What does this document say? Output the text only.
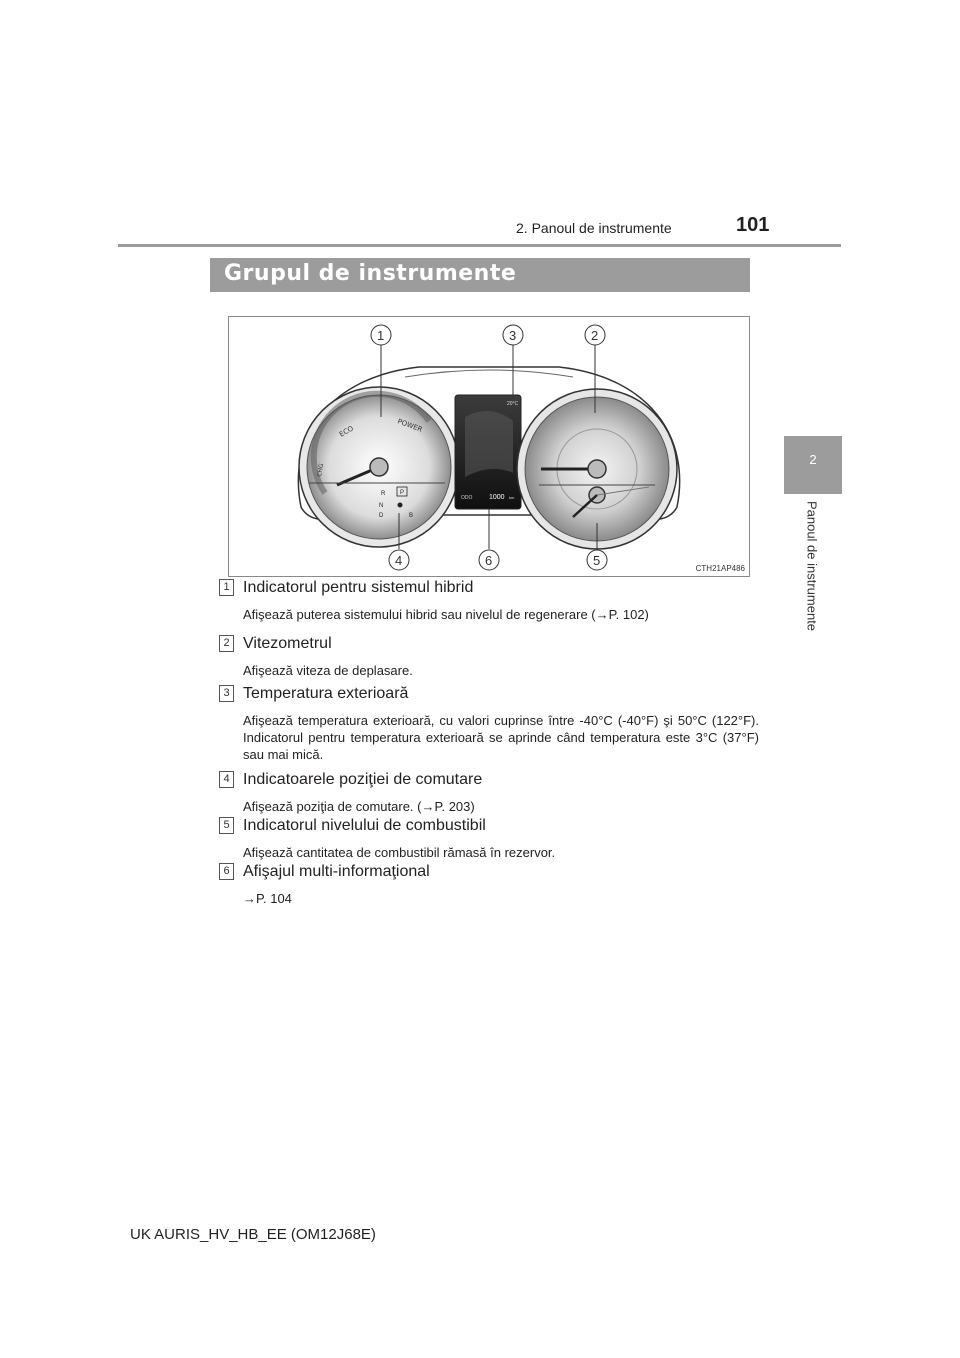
2. Panoul de instrumente	101
2
Panoul de instrumente
Grupul de instrumente
ECO	POWER
CHG
R P
N
D	B
20°C
ODO 1000 km
1	3	2
4	6	5
CTH21AP486
1 Indicatorul pentru sistemul hibrid
Afişează puterea sistemului hibrid sau nivelul de regenerare (→P. 102)
2 Vitezometrul
Afişează viteza de deplasare.
3 Temperatura exterioară
Afişează temperatura exterioară, cu valori cuprinse între -40°C (-40°F) şi 50°C (122°F). Indicatorul pentru temperatura exterioară se aprinde când temperatura este 3°C (37°F) sau mai mică.
4 Indicatoarele poziţiei de comutare
Afişează poziţia de comutare. (→P. 203)
5 Indicatorul nivelului de combustibil
Afişează cantitatea de combustibil rămasă în rezervor.
6 Afişajul multi-informaţional
→P. 104
UK AURIS_HV_HB_EE (OM12J68E)
